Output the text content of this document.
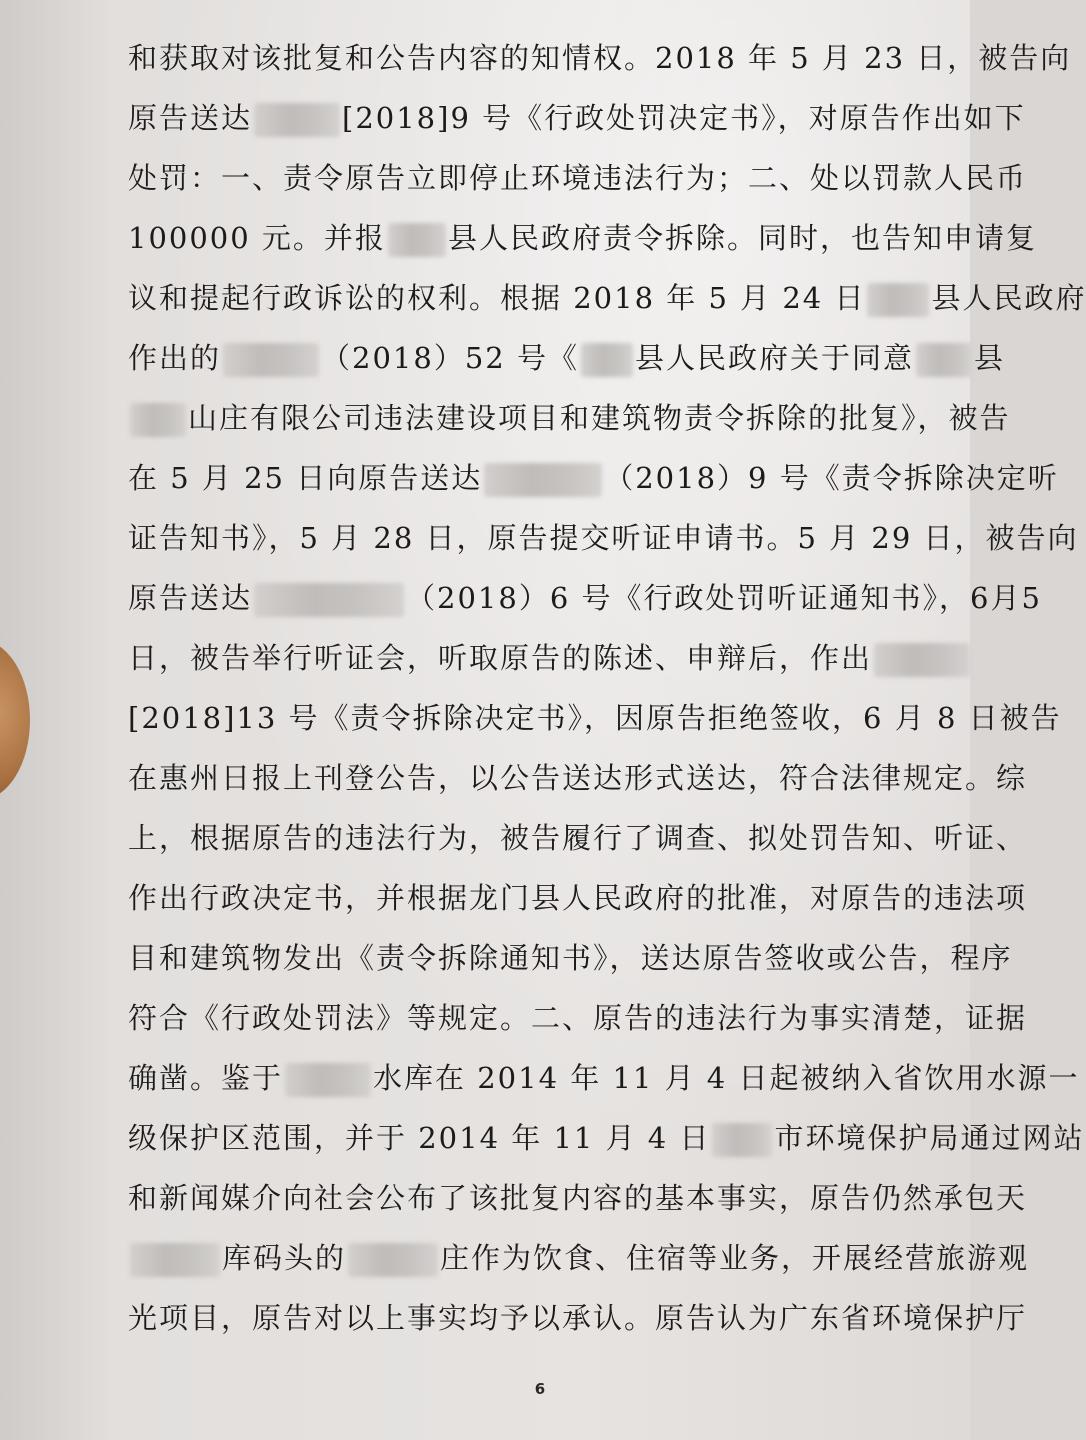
和获取对该批复和公告内容的知情权。2018 年 5 月 23 日，被告向
原告送达	[2018]9 号《行政处罚决定书》，对原告作出如下
处罚：一、责令原告立即停止环境违法行为；二、处以罚款人民币
100000 元。并报 县人民政府责令拆除。同时，也告知申请复
议和提起行政诉讼的权利。根据 2018 年 5 月 24 日 县人民政府
作出的	（2018）52 号《 县人民政府关于同意 县
山庄有限公司违法建设项目和建筑物责令拆除的批复》，被告
在 5 月 25 日向原告送达	（2018）9 号《责令拆除决定听
证告知书》，5 月 28 日，原告提交听证申请书。5 月 29 日，被告向
原告送达	（2018）6 号《行政处罚听证通知书》，6月5
日，被告举行听证会，听取原告的陈述、申辩后，作出
[2018]13 号《责令拆除决定书》，因原告拒绝签收，6 月 8 日被告
在惠州日报上刊登公告，以公告送达形式送达，符合法律规定。综
上，根据原告的违法行为，被告履行了调查、拟处罚告知、听证、
作出行政决定书，并根据龙门县人民政府的批准，对原告的违法项
目和建筑物发出《责令拆除通知书》，送达原告签收或公告，程序
符合《行政处罚法》等规定。二、原告的违法行为事实清楚，证据
确凿。鉴于	水库在 2014 年 11 月 4 日起被纳入省饮用水源一
级保护区范围，并于 2014 年 11 月 4 日 市环境保护局通过网站
和新闻媒介向社会公布了该批复内容的基本事实，原告仍然承包天
库码头的	庄作为饮食、住宿等业务，开展经营旅游观
光项目，原告对以上事实均予以承认。原告认为广东省环境保护厅
6
